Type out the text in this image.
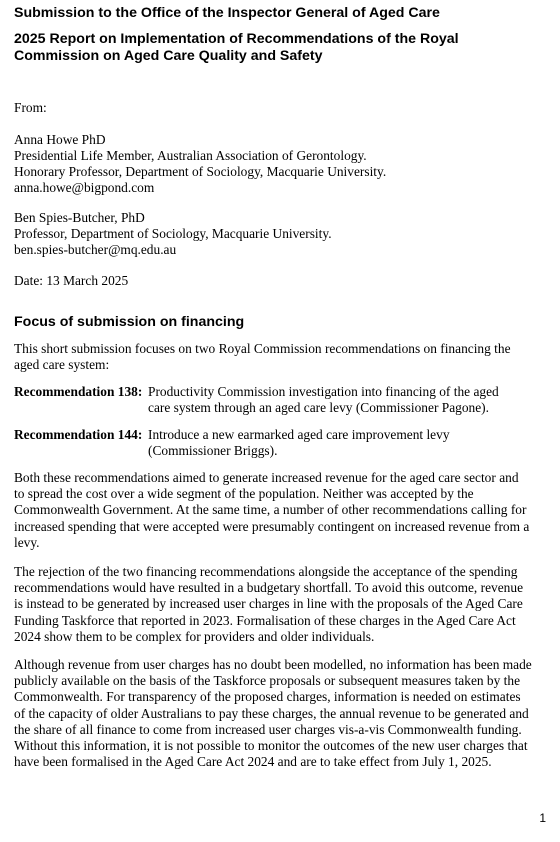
Submission to the Office of the Inspector General of Aged Care
2025 Report on Implementation of Recommendations of the Royal Commission on Aged Care Quality and Safety
From:
Anna Howe PhD
Presidential Life Member, Australian Association of Gerontology.
Honorary Professor, Department of Sociology, Macquarie University.
anna.howe@bigpond.com
Ben Spies-Butcher, PhD
Professor, Department of Sociology, Macquarie University.
ben.spies-butcher@mq.edu.au
Date: 13 March 2025
Focus of submission on financing
This short submission focuses on two Royal Commission recommendations on financing the aged care system:
Recommendation 138: Productivity Commission investigation into financing of the aged care system through an aged care levy (Commissioner Pagone).
Recommendation 144: Introduce a new earmarked aged care improvement levy (Commissioner Briggs).
Both these recommendations aimed to generate increased revenue for the aged care sector and to spread the cost over a wide segment of the population. Neither was accepted by the Commonwealth Government. At the same time, a number of other recommendations calling for increased spending that were accepted were presumably contingent on increased revenue from a levy.
The rejection of the two financing recommendations alongside the acceptance of the spending recommendations would have resulted in a budgetary shortfall. To avoid this outcome, revenue is instead to be generated by increased user charges in line with the proposals of the Aged Care Funding Taskforce that reported in 2023. Formalisation of these charges in the Aged Care Act 2024 show them to be complex for providers and older individuals.
Although revenue from user charges has no doubt been modelled, no information has been made publicly available on the basis of the Taskforce proposals or subsequent measures taken by the Commonwealth. For transparency of the proposed charges, information is needed on estimates of the capacity of older Australians to pay these charges, the annual revenue to be generated and the share of all finance to come from increased user charges vis-a-vis Commonwealth funding. Without this information, it is not possible to monitor the outcomes of the new user charges that have been formalised in the Aged Care Act 2024 and are to take effect from July 1, 2025.
1
